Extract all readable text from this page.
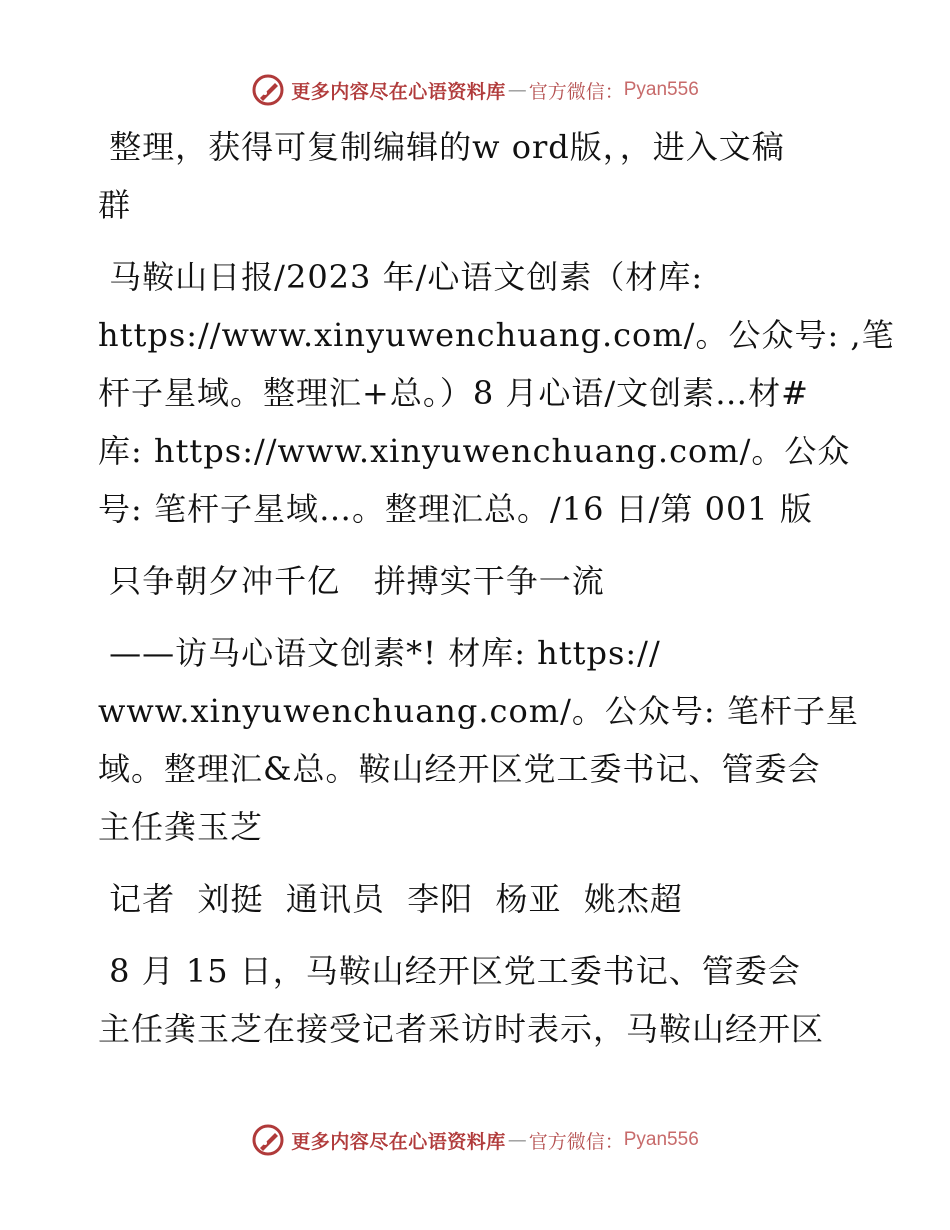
更多内容尽在心语资料库 — 官方微信： Pyan556

整理，获得可复制编辑的w ord版，，进入文稿
群

马鞍山日报/2023 年/心语文创素（材库:
https://www.xinyuwenchuang.com/。公众号: ,笔
杆子星域。整理汇+总。）8 月心语/文创素…材#
库: https://www.xinyuwenchuang.com/。公众
号: 笔杆子星域…。整理汇总。/16 日/第 001 版

只争朝夕冲千亿   拼搏实干争一流

——访马心语文创素*! 材库: https://
www.xinyuwenchuang.com/。公众号: 笔杆子星
域。整理汇&总。鞍山经开区党工委书记、管委会
主任龚玉芝

记者  刘挺  通讯员  李阳  杨亚  姚杰超

8 月 15 日，马鞍山经开区党工委书记、管委会
主任龚玉芝在接受记者采访时表示，马鞍山经开区

更多内容尽在心语资料库 — 官方微信： Pyan556
